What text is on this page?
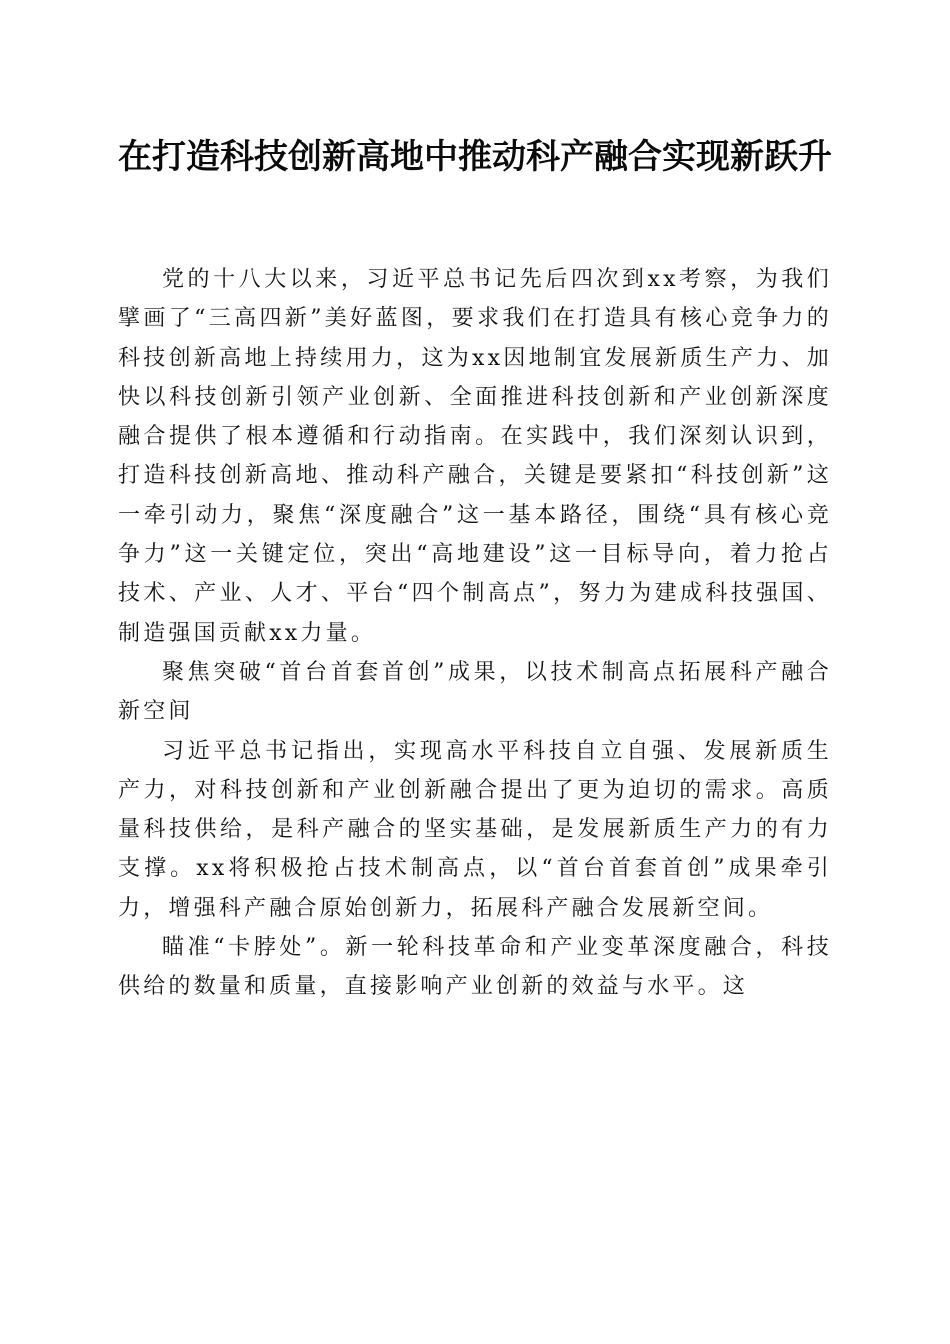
在打造科技创新高地中推动科产融合实现新跃升

党的十八大以来，习近平总书记先后四次到xx考察，为我们擘画了“三高四新”美好蓝图，要求我们在打造具有核心竞争力的科技创新高地上持续用力，这为xx因地制宜发展新质生产力、加快以科技创新引领产业创新、全面推进科技创新和产业创新深度融合提供了根本遵循和行动指南。在实践中，我们深刻认识到，打造科技创新高地、推动科产融合，关键是要紧扣“科技创新”这一牵引动力，聚焦“深度融合”这一基本路径，围绕“具有核心竞争力”这一关键定位，突出“高地建设”这一目标导向，着力抢占技术、产业、人才、平台“四个制高点”，努力为建成科技强国、制造强国贡献xx力量。

聚焦突破“首台首套首创”成果，以技术制高点拓展科产融合新空间

习近平总书记指出，实现高水平科技自立自强、发展新质生产力，对科技创新和产业创新融合提出了更为迫切的需求。高质量科技供给，是科产融合的坚实基础，是发展新质生产力的有力支撑。xx将积极抢占技术制高点，以“首台首套首创”成果牵引力，增强科产融合原始创新力，拓展科产融合发展新空间。

瞄准“卡脖处”。新一轮科技革命和产业变革深度融合，科技供给的数量和质量，直接影响产业创新的效益与水平。这
